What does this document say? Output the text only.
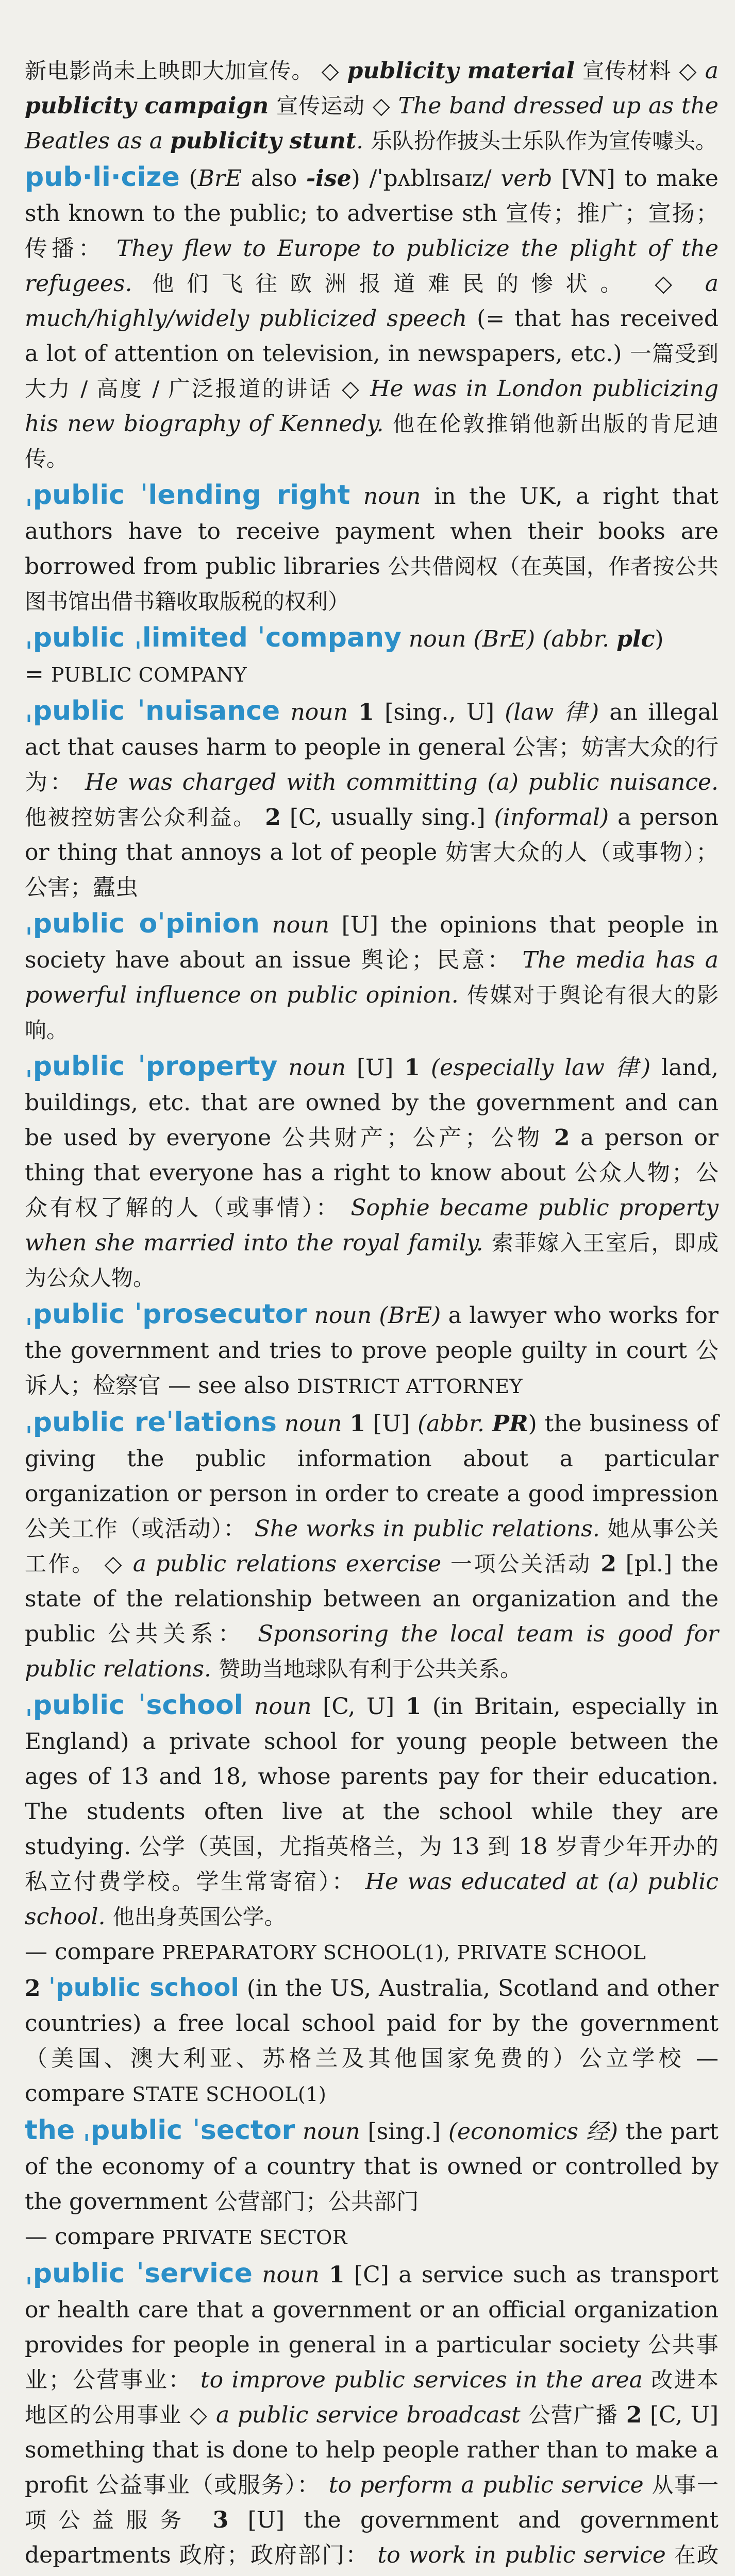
新电影尚未上映即大加宣传。 ◇ publicity material 宣传材料 ◇ a publicity campaign 宣传运动 ◇ The band dressed up as the Beatles as a publicity stunt. 乐队扮作披头士乐队作为宣传噱头。

pub·li·cize (BrE also -ise) /ˈpʌblɪsaɪz/ verb [VN] to make sth known to the public; to advertise sth 宣传；推广；宣扬；传播： They flew to Europe to publicize the plight of the refugees. 他们飞往欧洲报道难民的惨状。 ◇ a much/highly/widely publicized speech (= that has received a lot of attention on television, in newspapers, etc.) 一篇受到大力 / 高度 / 广泛报道的讲话 ◇ He was in London publicizing his new biography of Kennedy. 他在伦敦推销他新出版的肯尼迪传。

ˌpublic ˈlending right noun in the UK, a right that authors have to receive payment when their books are borrowed from public libraries 公共借阅权（在英国，作者按公共图书馆出借书籍收取版税的权利）

ˌpublic ˌlimited ˈcompany noun (BrE) (abbr. plc)
= PUBLIC COMPANY

ˌpublic ˈnuisance noun 1 [sing., U] (law 律) an illegal act that causes harm to people in general 公害；妨害大众的行为： He was charged with committing (a) public nuisance. 他被控妨害公众利益。 2 [C, usually sing.] (informal) a person or thing that annoys a lot of people 妨害大众的人（或事物）；公害；蠹虫

ˌpublic oˈpinion noun [U] the opinions that people in society have about an issue 舆论；民意： The media has a powerful influence on public opinion. 传媒对于舆论有很大的影响。

ˌpublic ˈproperty noun [U] 1 (especially law 律) land, buildings, etc. that are owned by the government and can be used by everyone 公共财产；公产；公物 2 a person or thing that everyone has a right to know about 公众人物；公众有权了解的人（或事情）： Sophie became public property when she married into the royal family. 索菲嫁入王室后，即成为公众人物。

ˌpublic ˈprosecutor noun (BrE) a lawyer who works for the government and tries to prove people guilty in court 公诉人；检察官 — see also DISTRICT ATTORNEY

ˌpublic reˈlations noun 1 [U] (abbr. PR) the business of giving the public information about a particular organization or person in order to create a good impression 公关工作（或活动）： She works in public relations. 她从事公关工作。 ◇ a public relations exercise 一项公关活动 2 [pl.] the state of the relationship between an organization and the public 公共关系： Sponsoring the local team is good for public relations. 赞助当地球队有利于公共关系。

ˌpublic ˈschool noun [C, U] 1 (in Britain, especially in England) a private school for young people between the ages of 13 and 18, whose parents pay for their education. The students often live at the school while they are studying. 公学（英国，尤指英格兰，为 13 到 18 岁青少年开办的私立付费学校。学生常寄宿）： He was educated at (a) public school. 他出身英国公学。
— compare PREPARATORY SCHOOL(1), PRIVATE SCHOOL
2 ˈpublic school (in the US, Australia, Scotland and other countries) a free local school paid for by the government（美国、澳大利亚、苏格兰及其他国家免费的）公立学校 — compare STATE SCHOOL(1)

the ˌpublic ˈsector noun [sing.] (economics 经) the part of the economy of a country that is owned or controlled by the government 公营部门；公共部门
— compare PRIVATE SECTOR

ˌpublic ˈservice noun 1 [C] a service such as transport or health care that a government or an official organization provides for people in general in a particular society 公共事业；公营事业： to improve public services in the area 改进本地区的公用事业 ◇ a public service broadcast 公营广播 2 [C, U] something that is done to help people rather than to make a profit 公益事业（或服务）： to perform a public service 从事一项公益服务 3 [U] the government and government departments 政府；政府部门： to work in public service 在政
